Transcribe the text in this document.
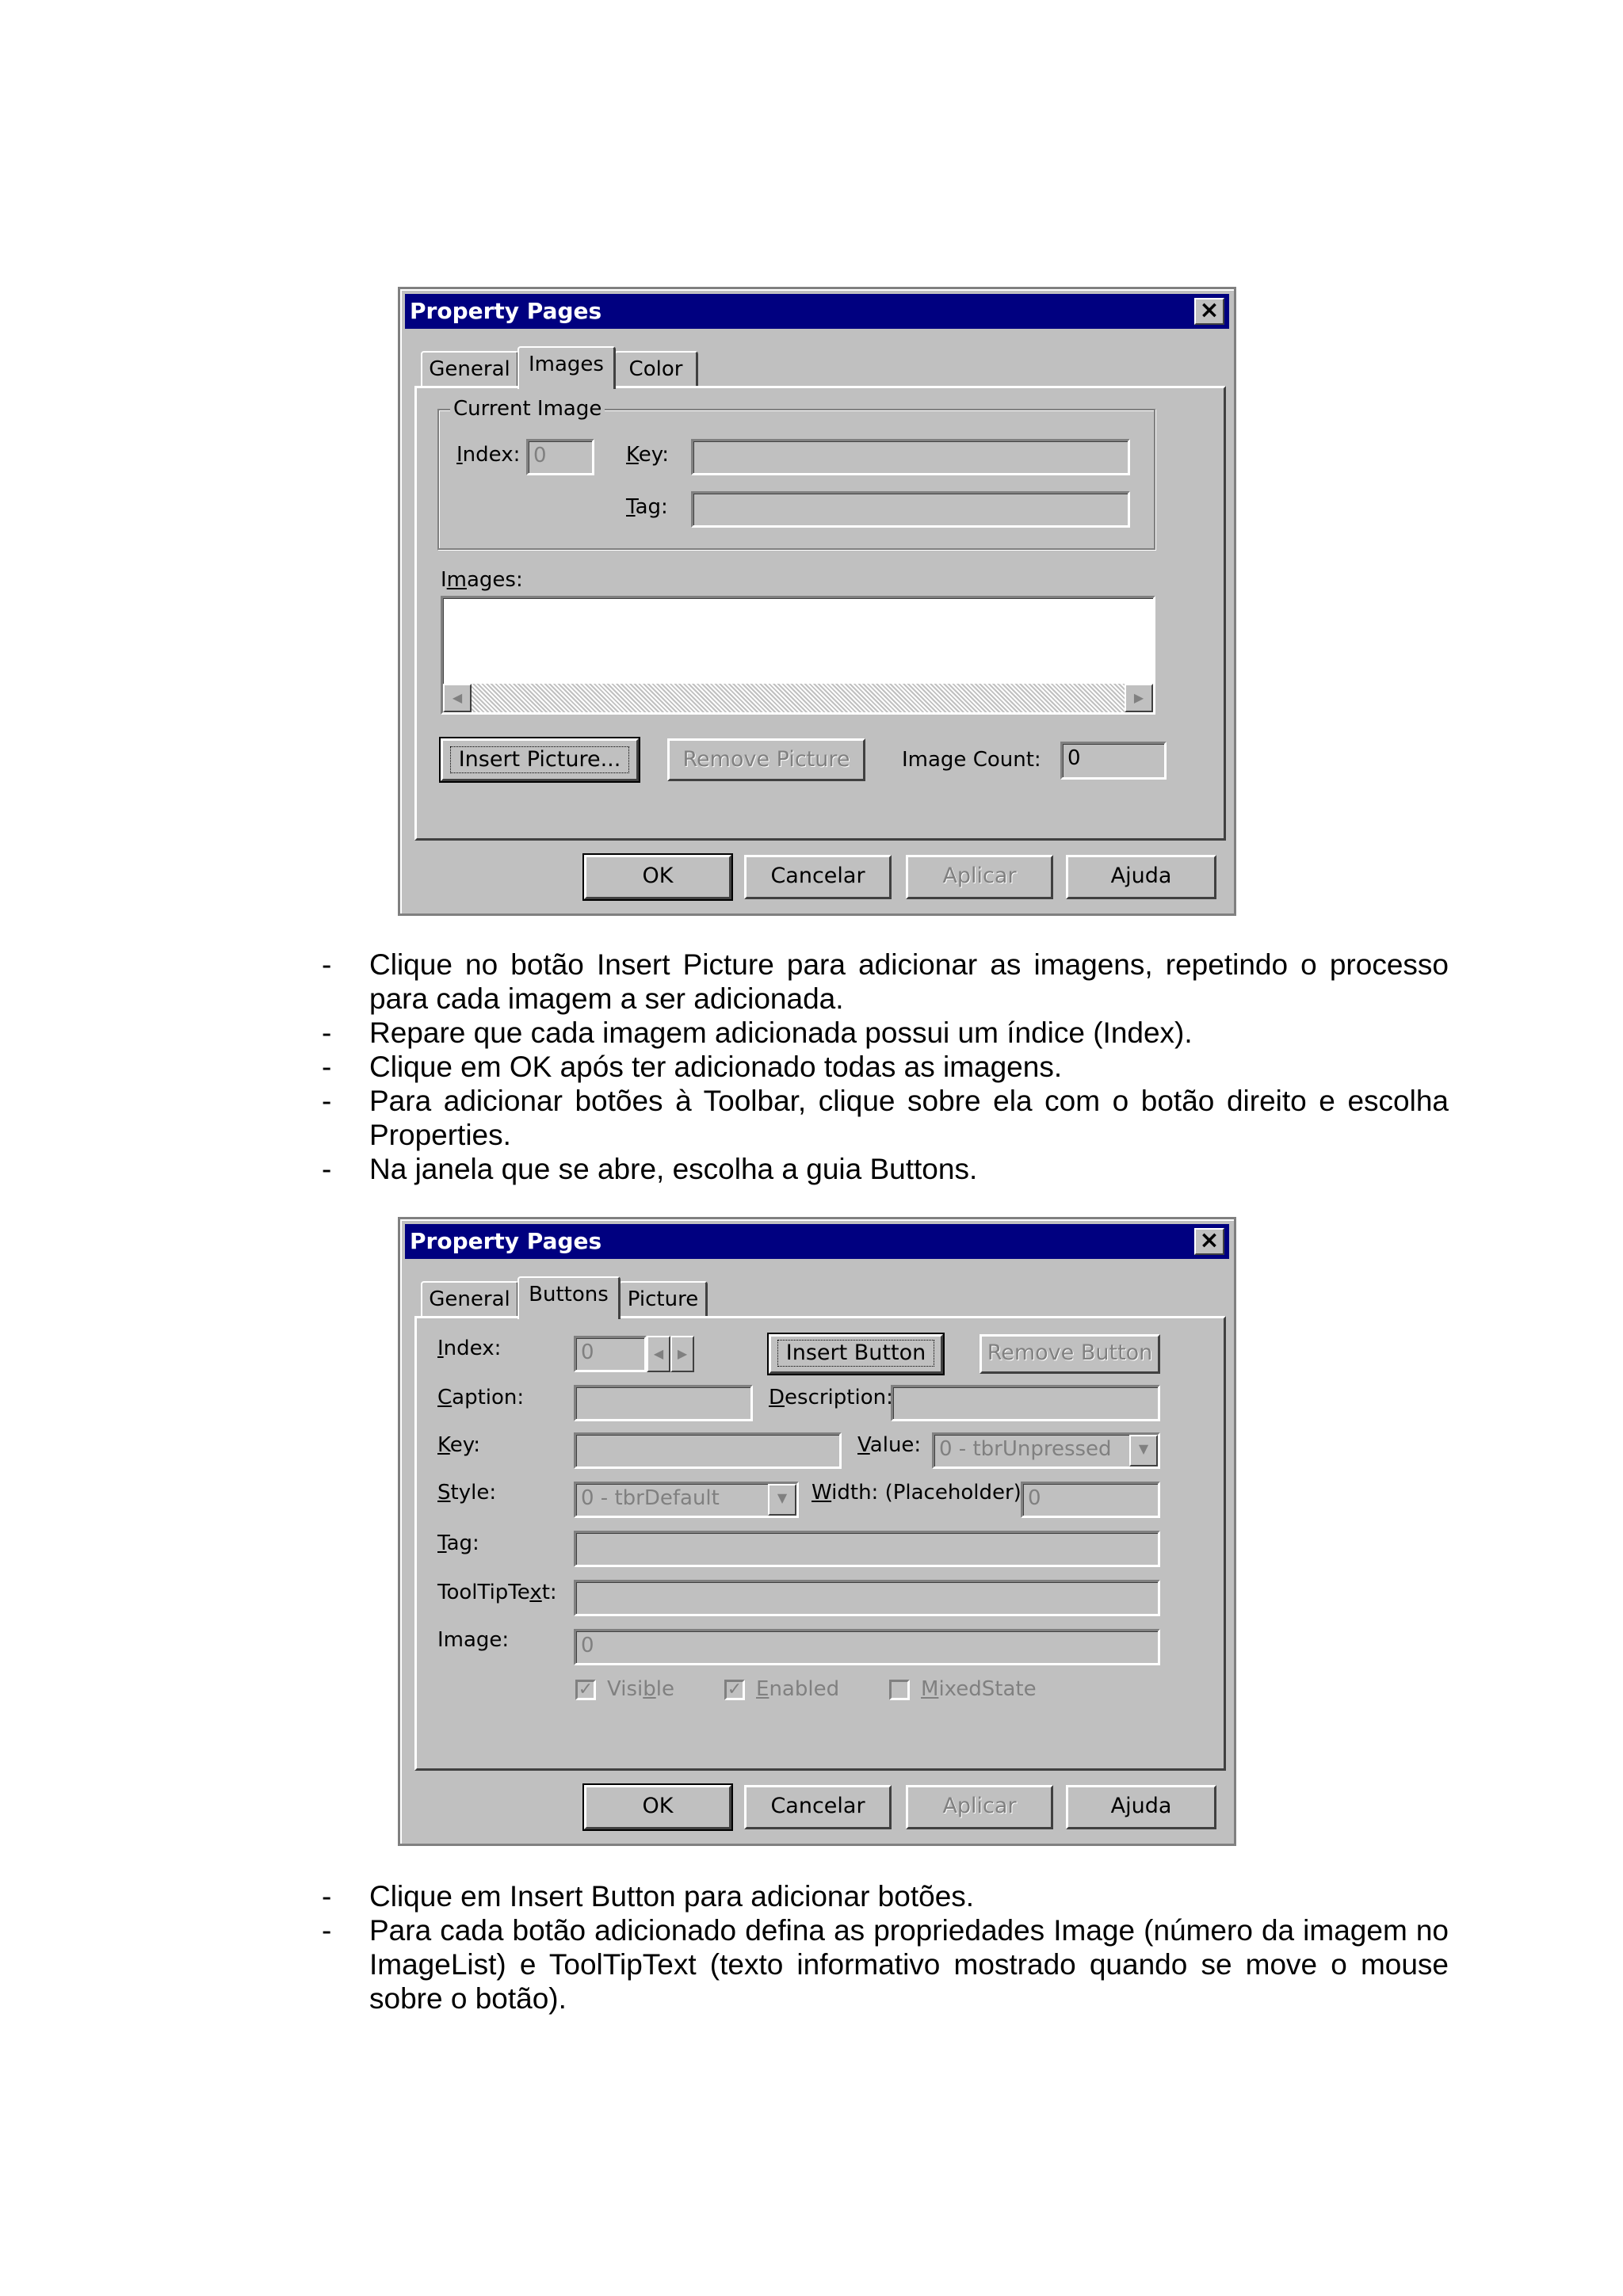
Property Pages	×
General Images	Color
Current Image
Index: 0	Key:
Tag:
Images:
◀	▶
Insert Picture...	Remove Picture	Image Count:	0
OK	Cancelar	Aplicar	Ajuda
- Clique no botão Insert Picture para adicionar as imagens, repetindo o processo para cada imagem a ser adicionada.
- Repare que cada imagem adicionada possui um índice (Index).
- Clique em OK após ter adicionado todas as imagens.
- Para adicionar botões à Toolbar, clique sobre ela com o botão direito e escolha Properties.
- Na janela que se abre, escolha a guia Buttons.
Property Pages	×
General Buttons Picture
Index:	0	◀	▶	Insert Button	Remove Button
Caption:	Description:
Key:	Value: 0 - tbrUnpressed	▼
Style:	0 - tbrDefault	▼	Width: (Placeholder) 0
Tag:
ToolTipText:
Image:	0
✓ Visible	✓ Enabled	MixedState
OK	Cancelar	Aplicar	Ajuda
- Clique em Insert Button para adicionar botões.
- Para cada botão adicionado defina as propriedades Image (número da imagem no ImageList) e ToolTipText (texto informativo mostrado quando se move o mouse sobre o botão).
